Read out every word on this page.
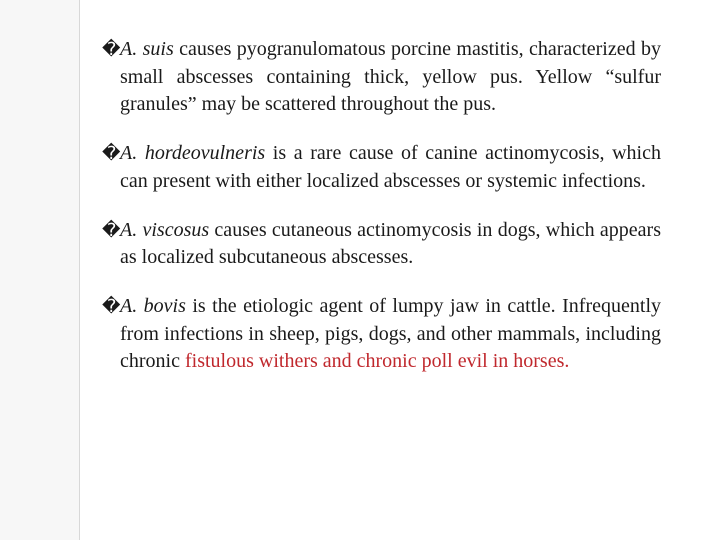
� A. suis causes pyogranulomatous porcine mastitis, characterized by small abscesses containing thick, yellow pus. Yellow “sulfur granules” may be scattered throughout the pus.
� A. hordeovulneris is a rare cause of canine actinomycosis, which can present with either localized abscesses or systemic infections.
� A. viscosus causes cutaneous actinomycosis in dogs, which appears as localized subcutaneous abscesses.
� A. bovis is the etiologic agent of lumpy jaw in cattle. Infrequently from infections in sheep, pigs, dogs, and other mammals, including chronic fistulous withers and chronic poll evil in horses.
